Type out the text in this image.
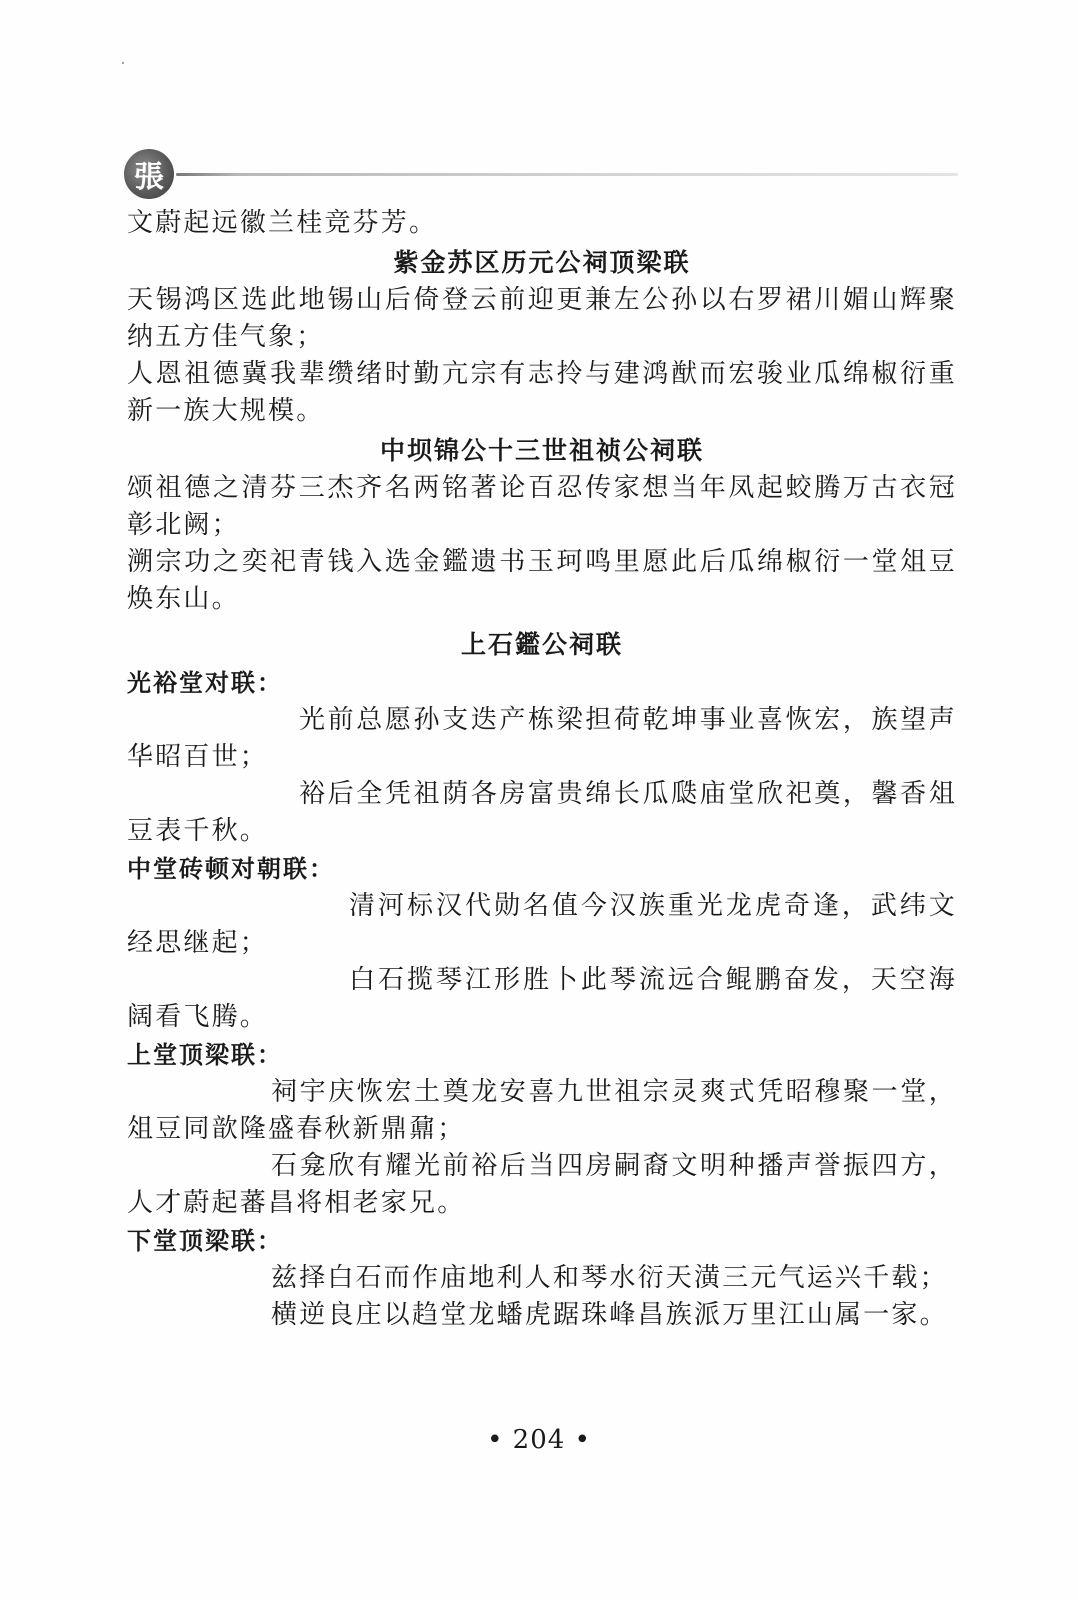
張

文蔚起远徽兰桂竞芬芳。

紫金苏区历元公祠顶梁联

天锡鸿区选此地锡山后倚登云前迎更兼左公孙以右罗裙川媚山辉聚纳五方佳气象；

人恩祖德冀我辈缵绪时勤亢宗有志拎与建鸿猷而宏骏业瓜绵椒衍重新一族大规模。

中坝锦公十三世祖祯公祠联

颂祖德之清芬三杰齐名两铭著论百忍传家想当年凤起蛟腾万古衣冠彰北阙；

溯宗功之奕祀青钱入选金鑑遗书玉珂鸣里愿此后瓜绵椒衍一堂俎豆焕东山。

上石鑑公祠联

光裕堂对联：

光前总愿孙支迭产栋梁担荷乾坤事业喜恢宏，族望声华昭百世；

裕后全凭祖荫各房富贵绵长瓜瓞庙堂欣祀奠，馨香俎豆表千秋。

中堂砖顿对朝联：

清河标汉代勋名值今汉族重光龙虎奇逢，武纬文经思继起；

白石揽琴江形胜卜此琴流远合鲲鹏奋发，天空海阔看飞腾。

上堂顶梁联：

祠宇庆恢宏土奠龙安喜九世祖宗灵爽式凭昭穆聚一堂，俎豆同歆隆盛春秋新鼎鼐；

石龛欣有耀光前裕后当四房嗣裔文明种播声誉振四方，人才蔚起蕃昌将相老家兄。

下堂顶梁联：

兹择白石而作庙地利人和琴水衍天潢三元气运兴千载；

横逆良庄以趋堂龙蟠虎踞珠峰昌族派万里江山属一家。

• 204 •
